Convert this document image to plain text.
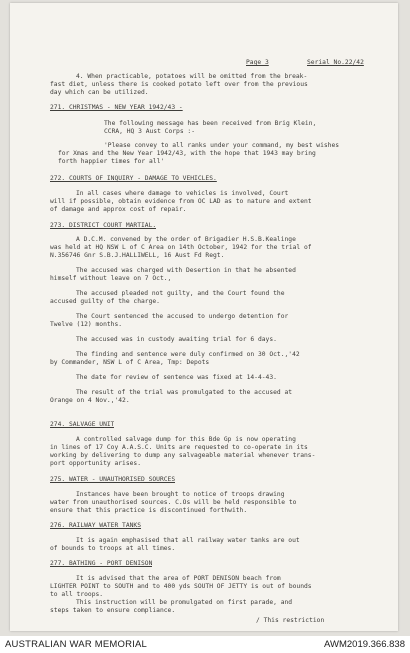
Page 3	Serial No.22/42
4. When practicable, potatoes will be omitted from the break-
fast diet, unless there is cooked potato left over from the previous
day which can be utilized.
271. CHRISTMAS - NEW YEAR 1942/43 -
The following message has been received from Brig Klein,
CCRA, HQ 3 Aust Corps :-
'Please convey to all ranks under your command, my best wishes
for Xmas and the New Year 1942/43, with the hope that 1943 may bring
forth happier times for all'
272. COURTS OF INQUIRY - DAMAGE TO VEHICLES.
In all cases where damage to vehicles is involved, Court
will if possible, obtain evidence from OC LAD as to nature and extent
of damage and approx cost of repair.
273. DISTRICT COURT MARTIAL.
A D.C.M. convened by the order of Brigadier H.S.B.Kealinge
was held at HQ NSW L of C Area on 14th October, 1942 for the trial of
N.356746 Gnr S.B.J.HALLIWELL, 16 Aust Fd Regt.
The accused was charged with Desertion in that he absented
himself without leave on 7 Oct.,
The accused pleaded not guilty, and the Court found the
accused guilty of the charge.
The Court sentenced the accused to undergo detention for
Twelve (12) months.
The accused was in custody awaiting trial for 6 days.
The finding and sentence were duly confirmed on 30 Oct.,'42
by Commander, NSW L of C Area, Tmp: Depots
The date for review of sentence was fixed at 14-4-43.
The result of the trial was promulgated to the accused at
Orange on 4 Nov.,'42.
274. SALVAGE UNIT
A controlled salvage dump for this Bde Gp is now operating
in lines of 17 Coy A.A.S.C. Units are requested to co-operate in its
working by delivering to dump any salvageable material whenever trans-
port opportunity arises.
275. WATER - UNAUTHORISED SOURCES
Instances have been brought to notice of troops drawing
water from unauthorised sources. C.Os will be held responsible to
ensure that this practice is discontinued forthwith.
276. RAILWAY WATER TANKS
It is again emphasised that all railway water tanks are out
of bounds to troops at all times.
277. BATHING - PORT DENISON
It is advised that the area of PORT DENISON beach from
LIGHTER POINT to SOUTH and to 400 yds SOUTH OF JETTY is out of bounds
to all troops.
This instruction will be promulgated on first parade, and
steps taken to ensure compliance.
/ This restriction
AUSTRALIAN WAR MEMORIAL	AWM2019.366.838
